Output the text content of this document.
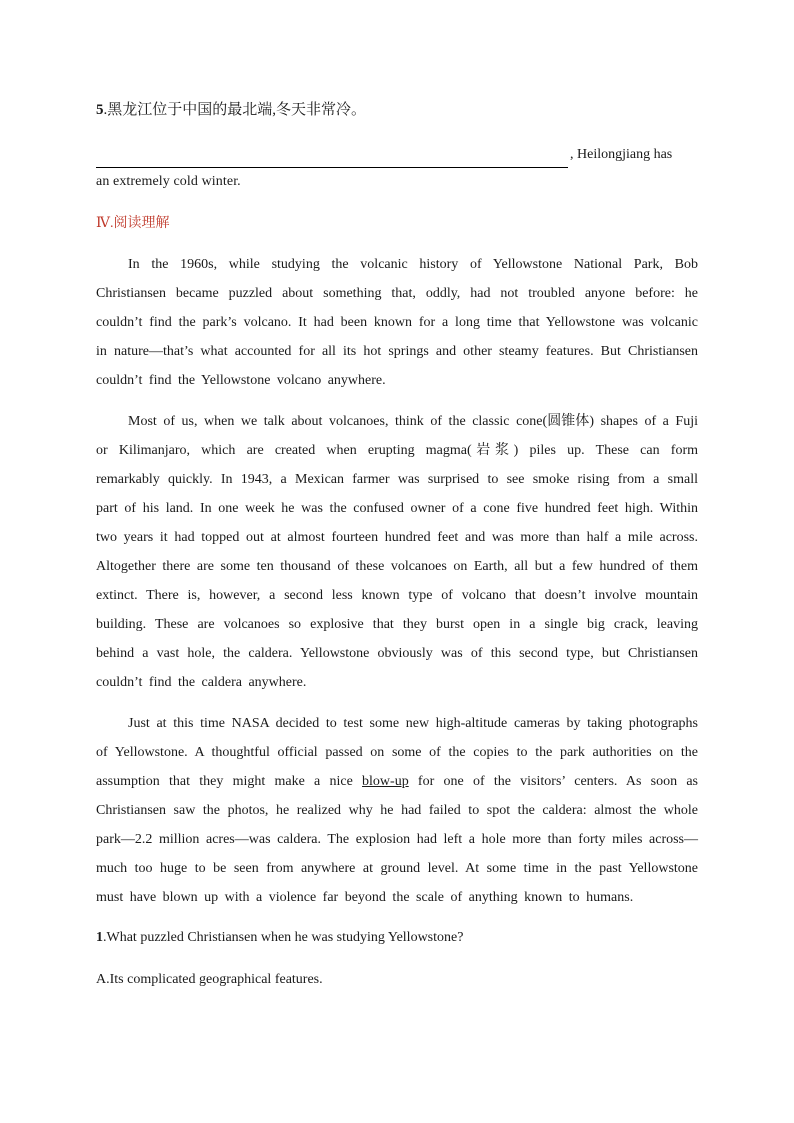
5.黑龙江位于中国的最北端,冬天非常冷。
, Heilongjiang has
an extremely cold winter.
Ⅳ.阅读理解

In the 1960s, while studying the volcanic history of Yellowstone National Park, Bob Christiansen became puzzled about something that, oddly, had not troubled anyone before: he couldn’t find the park’s volcano. It had been known for a long time that Yellowstone was volcanic in nature—that’s what accounted for all its hot springs and other steamy features. But Christiansen couldn’t find the Yellowstone volcano anywhere.

Most of us, when we talk about volcanoes, think of the classic cone(圆锥体) shapes of a Fuji or Kilimanjaro, which are created when erupting magma(岩浆) piles up. These can form remarkably quickly. In 1943, a Mexican farmer was surprised to see smoke rising from a small part of his land. In one week he was the confused owner of a cone five hundred feet high. Within two years it had topped out at almost fourteen hundred feet and was more than half a mile across. Altogether there are some ten thousand of these volcanoes on Earth, all but a few hundred of them extinct. There is, however, a second less known type of volcano that doesn’t involve mountain building. These are volcanoes so explosive that they burst open in a single big crack, leaving behind a vast hole, the caldera. Yellowstone obviously was of this second type, but Christiansen couldn’t find the caldera anywhere.

Just at this time NASA decided to test some new high-altitude cameras by taking photographs of Yellowstone. A thoughtful official passed on some of the copies to the park authorities on the assumption that they might make a nice blow-up for one of the visitors’ centers. As soon as Christiansen saw the photos, he realized why he had failed to spot the caldera: almost the whole park—2.2 million acres—was caldera. The explosion had left a hole more than forty miles across—much too huge to be seen from anywhere at ground level. At some time in the past Yellowstone must have blown up with a violence far beyond the scale of anything known to humans.

1.What puzzled Christiansen when he was studying Yellowstone?
A.Its complicated geographical features.
